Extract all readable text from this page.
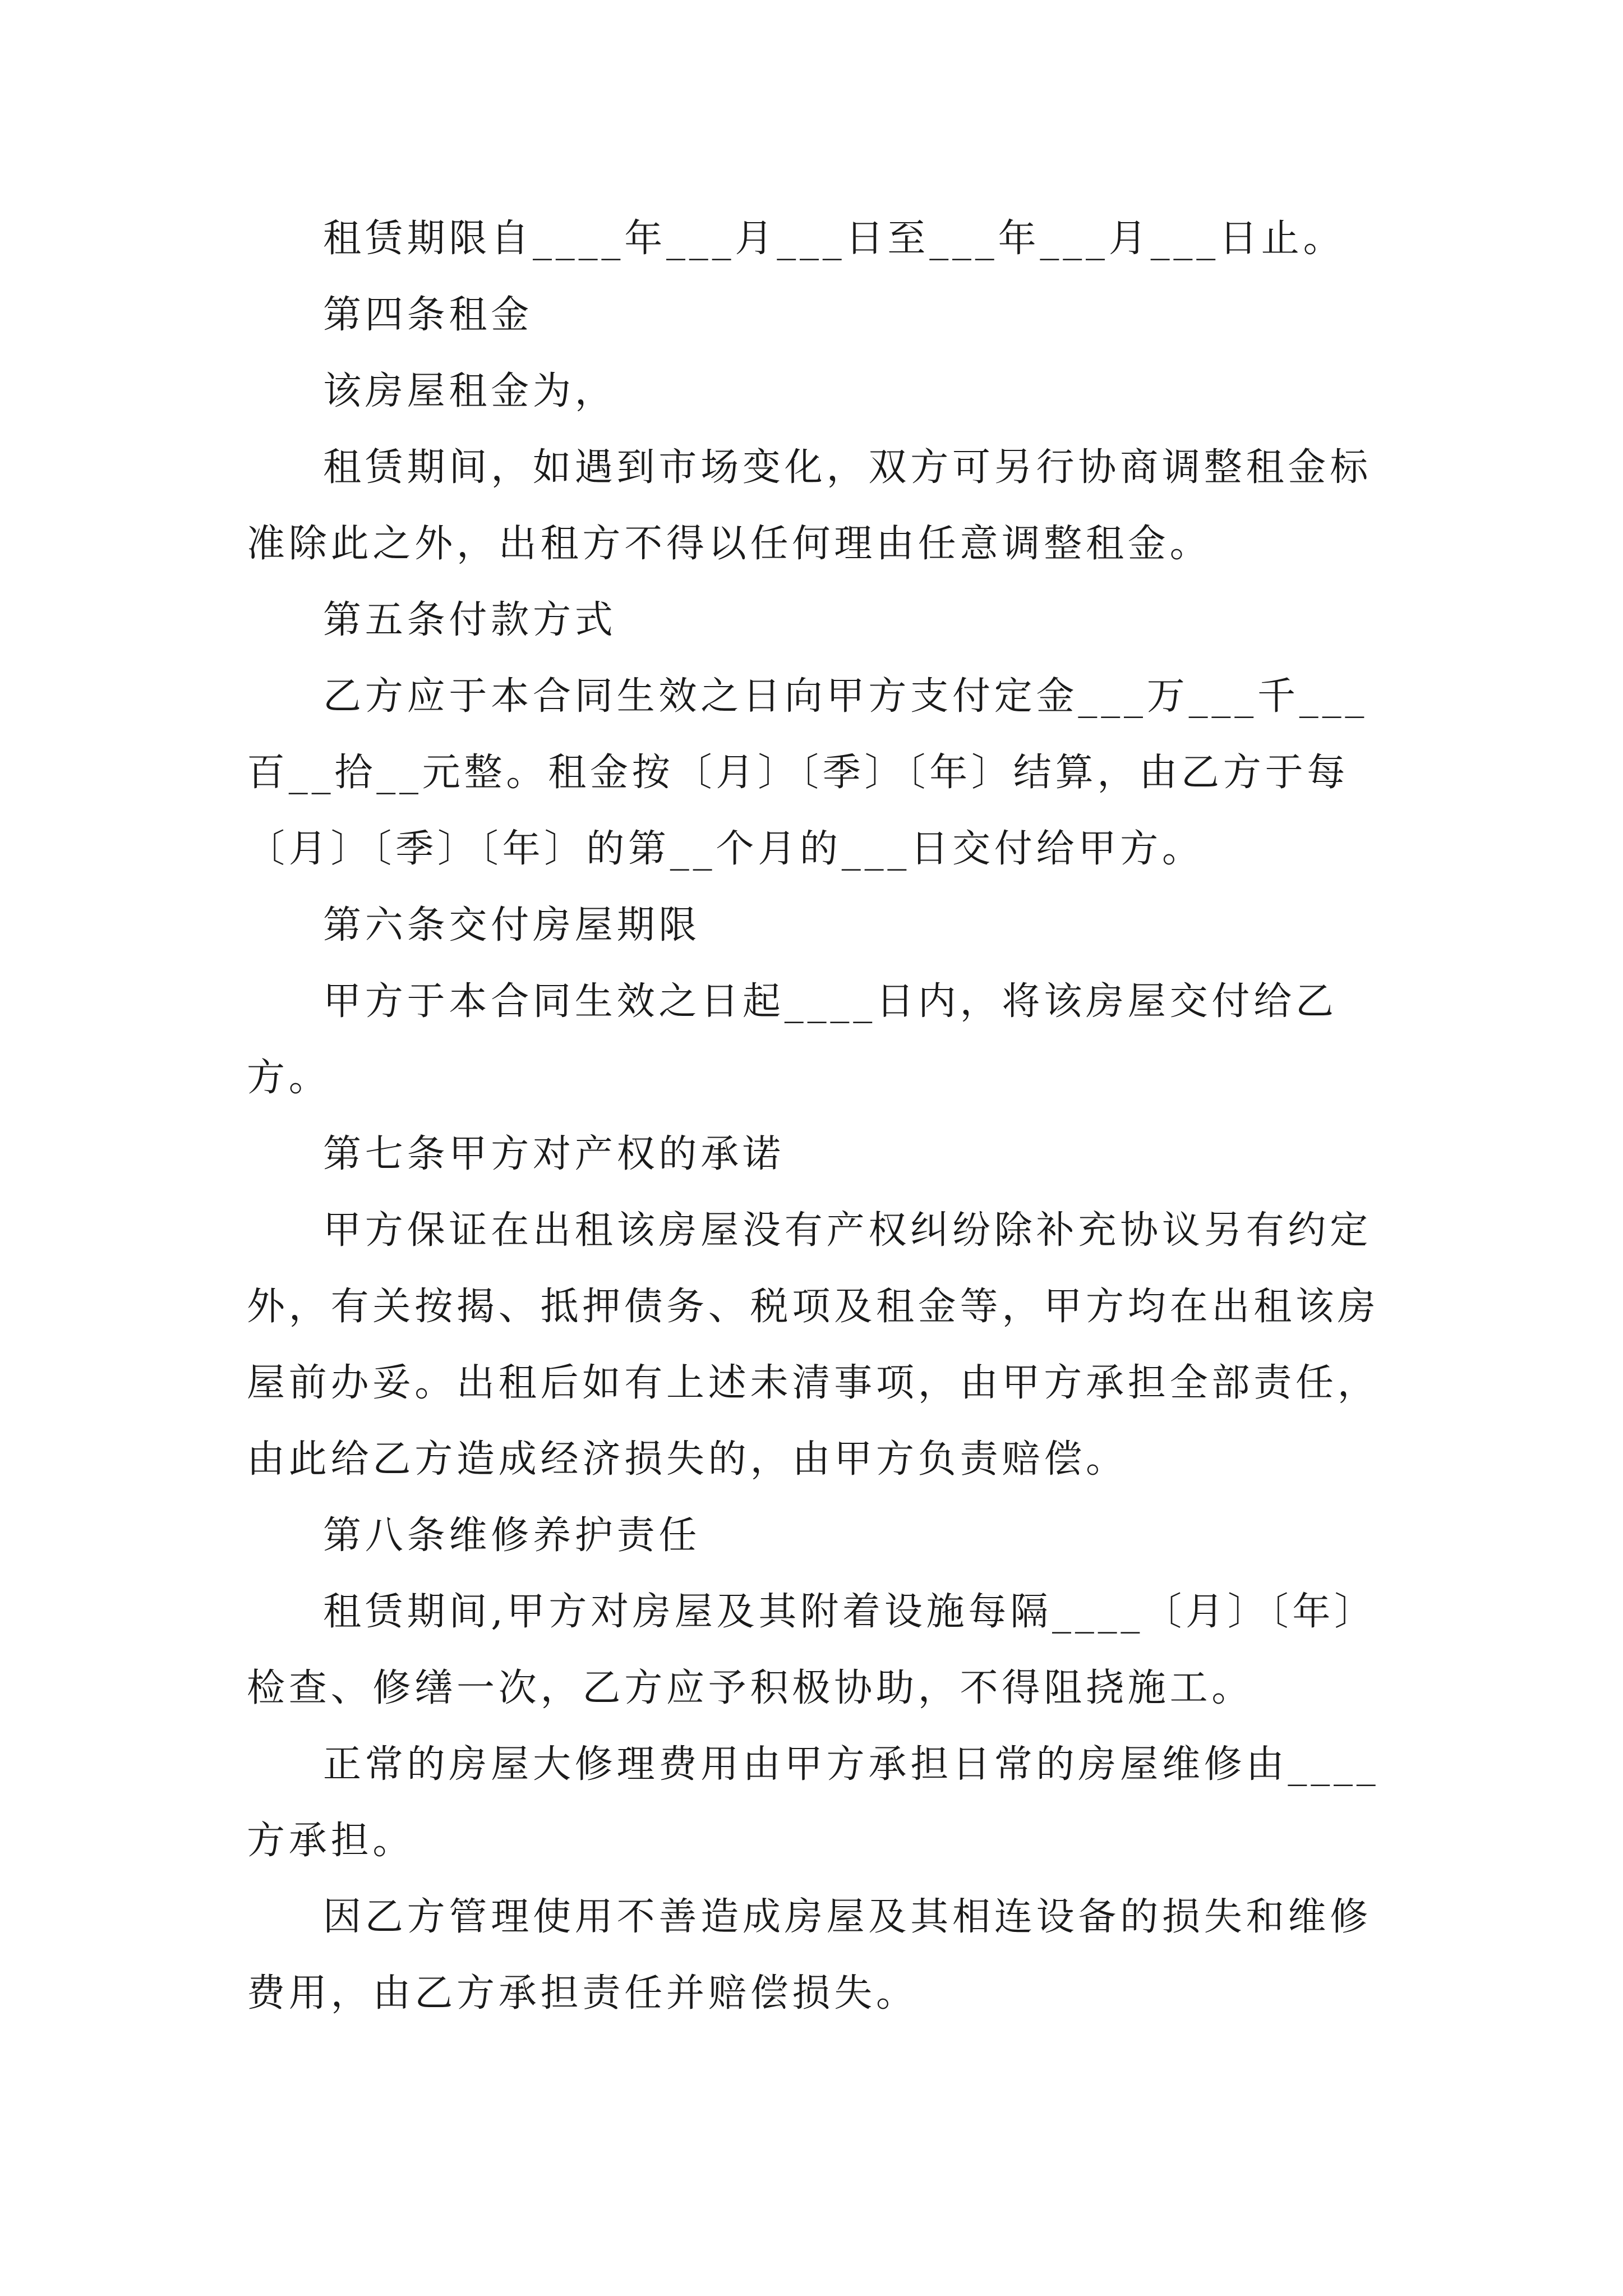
租赁期限自____年___月___日至___年___月___日止。

第四条租金

该房屋租金为，

租赁期间，如遇到市场变化，双方可另行协商调整租金标准除此之外，出租方不得以任何理由任意调整租金。

第五条付款方式

乙方应于本合同生效之日向甲方支付定金___万___千___百__拾__元整。租金按〔月〕〔季〕〔年〕结算，由乙方于每〔月〕〔季〕〔年〕的第__个月的___日交付给甲方。

第六条交付房屋期限

甲方于本合同生效之日起____日内，将该房屋交付给乙方。

第七条甲方对产权的承诺

甲方保证在出租该房屋没有产权纠纷除补充协议另有约定外，有关按揭、抵押债务、税项及租金等，甲方均在出租该房屋前办妥。出租后如有上述未清事项，由甲方承担全部责任，由此给乙方造成经济损失的，由甲方负责赔偿。

第八条维修养护责任

租赁期间,甲方对房屋及其附着设施每隔____〔月〕〔年〕检查、修缮一次，乙方应予积极协助，不得阻挠施工。

正常的房屋大修理费用由甲方承担日常的房屋维修由____方承担。

因乙方管理使用不善造成房屋及其相连设备的损失和维修费用，由乙方承担责任并赔偿损失。
